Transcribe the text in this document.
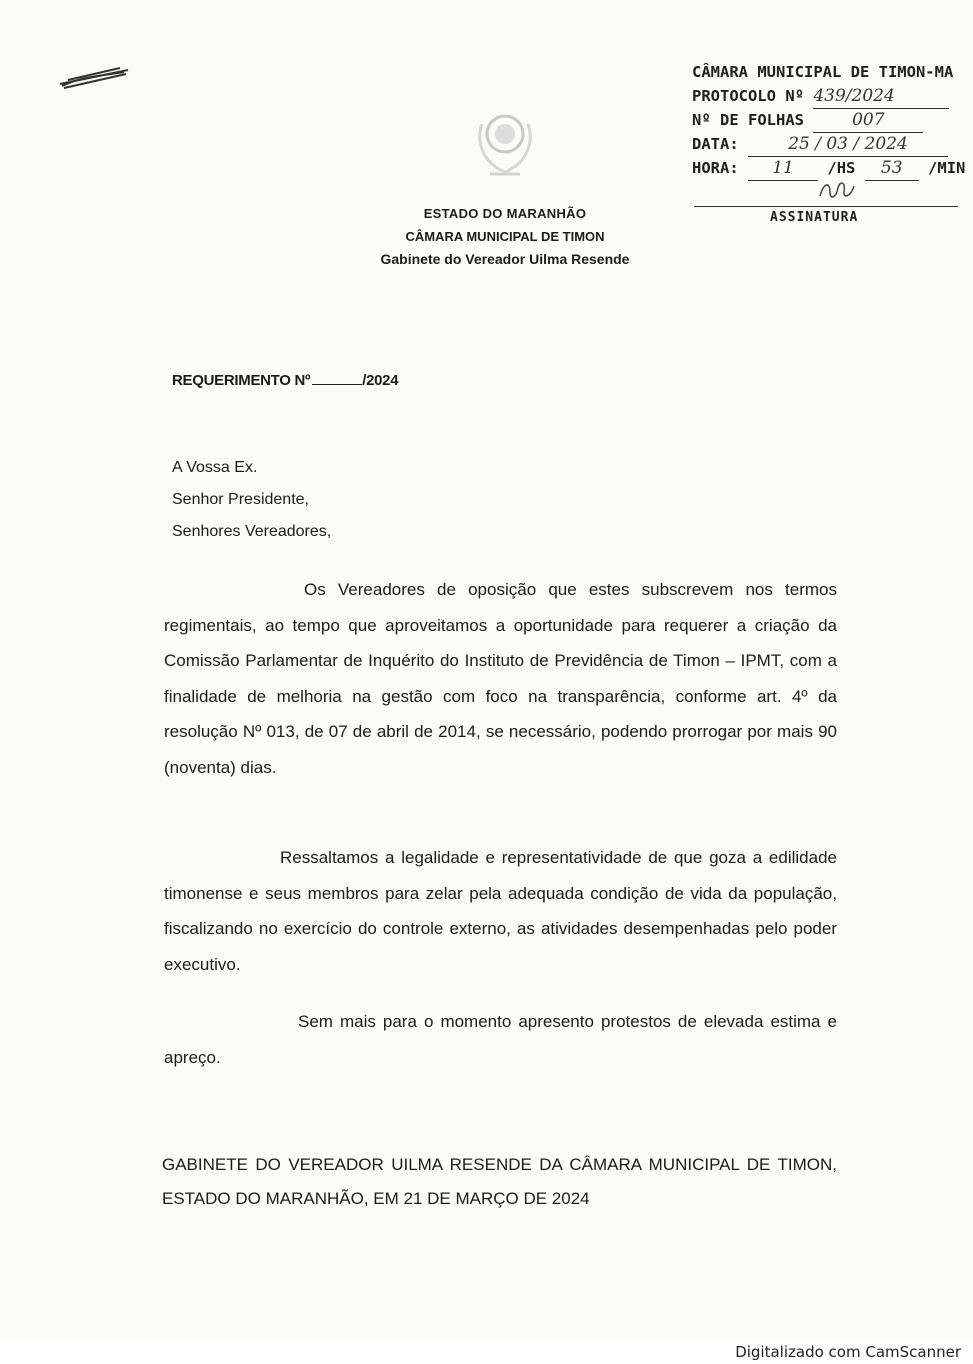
ESTADO DO MARANHÃO
CÂMARA MUNICIPAL DE TIMON
Gabinete do Vereador Uilma Resende
CÂMARA MUNICIPAL DE TIMON-MA
PROTOCOLO Nº 439/2024
Nº DE FOLHAS	007
DATA:	25 / 03 / 2024
HORA: 11 /HS 53 /MIN
ASSINATURA
REQUERIMENTO Nº	/2024
A Vossa Ex.
Senhor Presidente,
Senhores Vereadores,
Os Vereadores de oposição que estes subscrevem nos termos regimentais, ao tempo que aproveitamos a oportunidade para requerer a criação da Comissão Parlamentar de Inquérito do Instituto de Previdência de Timon – IPMT, com a finalidade de melhoria na gestão com foco na transparência, conforme art. 4º da resolução Nº 013, de 07 de abril de 2014, se necessário, podendo prorrogar por mais 90 (noventa) dias.
Ressaltamos a legalidade e representatividade de que goza a edilidade timonense e seus membros para zelar pela adequada condição de vida da população, fiscalizando no exercício do controle externo, as atividades desempenhadas pelo poder executivo.
Sem mais para o momento apresento protestos de elevada estima e apreço.
GABINETE DO VEREADOR UILMA RESENDE DA CÂMARA MUNICIPAL DE TIMON, ESTADO DO MARANHÃO, EM 21 DE MARÇO DE 2024
Digitalizado com CamScanner
